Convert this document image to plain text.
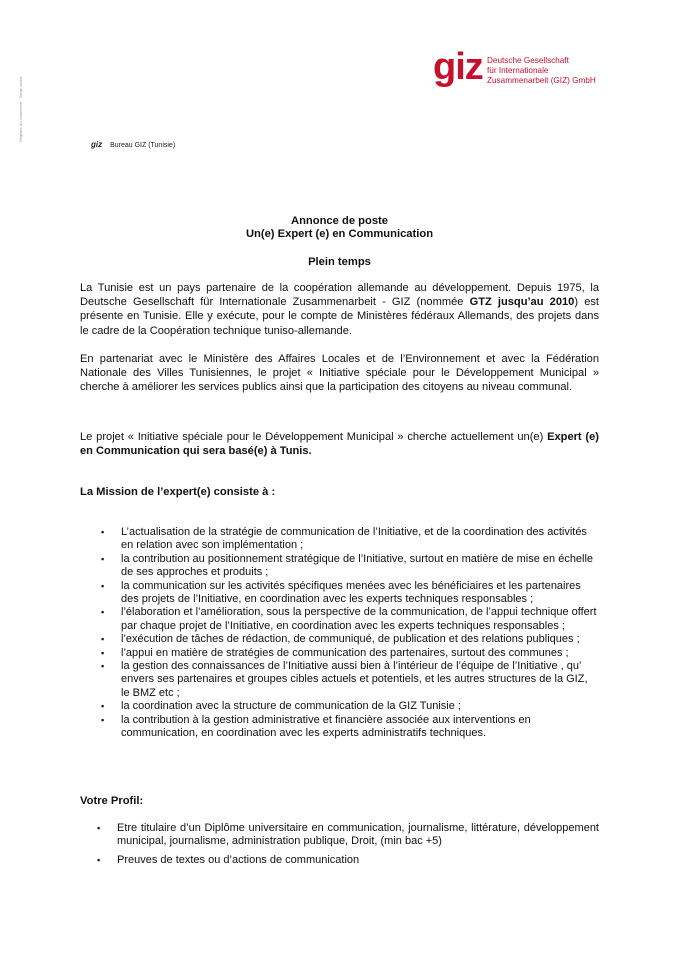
Registre du commerce · Siège social
giz Deutsche Gesellschaft
für Internationale
Zusammenarbeit (GIZ) GmbH
giz Bureau GIZ (Tunisie)
Annonce de poste
Un(e) Expert (e) en Communication
Plein temps
La Tunisie est un pays partenaire de la coopération allemande au développement. Depuis 1975, la Deutsche Gesellschaft für Internationale Zusammenarbeit - GIZ (nommée GTZ jusqu’au 2010) est présente en Tunisie. Elle y exécute, pour le compte de Ministères fédéraux Allemands, des projets dans le cadre de la Coopération technique tuniso-allemande.
En partenariat avec le Ministère des Affaires Locales et de l’Environnement et avec la Fédération Nationale des Villes Tunisiennes, le projet « Initiative spéciale pour le Développement Municipal » cherche à améliorer les services publics ainsi que la participation des citoyens au niveau communal.
Le projet « Initiative spéciale pour le Développement Municipal » cherche actuellement un(e) Expert (e) en Communication qui sera basé(e) à Tunis.
La Mission de l’expert(e) consiste à :
▪ L’actualisation de la stratégie de communication de l’Initiative, et de la coordination des activités en relation avec son implémentation ;
▪ la contribution au positionnement stratégique de l’Initiative, surtout en matière de mise en échelle de ses approches et produits ;
▪ la communication sur les activités spécifiques menées avec les bénéficiaires et les partenaires des projets de l’Initiative, en coordination avec les experts techniques responsables ;
▪ l’élaboration et l’amélioration, sous la perspective de la communication, de l’appui technique offert par chaque projet de l’Initiative, en coordination avec les experts techniques responsables ;
▪ l’exécution de tâches de rédaction, de communiqué, de publication et des relations publiques ;
▪ l’appui en matière de stratégies de communication des partenaires, surtout des communes ;
▪ la gestion des connaissances de l’Initiative aussi bien à l’intérieur de l’équipe de l’Initiative , qu’ envers ses partenaires et groupes cibles actuels et potentiels, et les autres structures de la GIZ, le BMZ etc ;
▪ la coordination avec la structure de communication de la GIZ Tunisie ;
▪ la contribution à la gestion administrative et financière associée aux interventions en communication, en coordination avec les experts administratifs techniques.
Votre Profil:
▪ Etre titulaire d’un Diplôme universitaire en communication, journalisme, littérature, développement municipal, journalisme, administration publique, Droit, (min bac +5)
▪ Preuves de textes ou d’actions de communication
